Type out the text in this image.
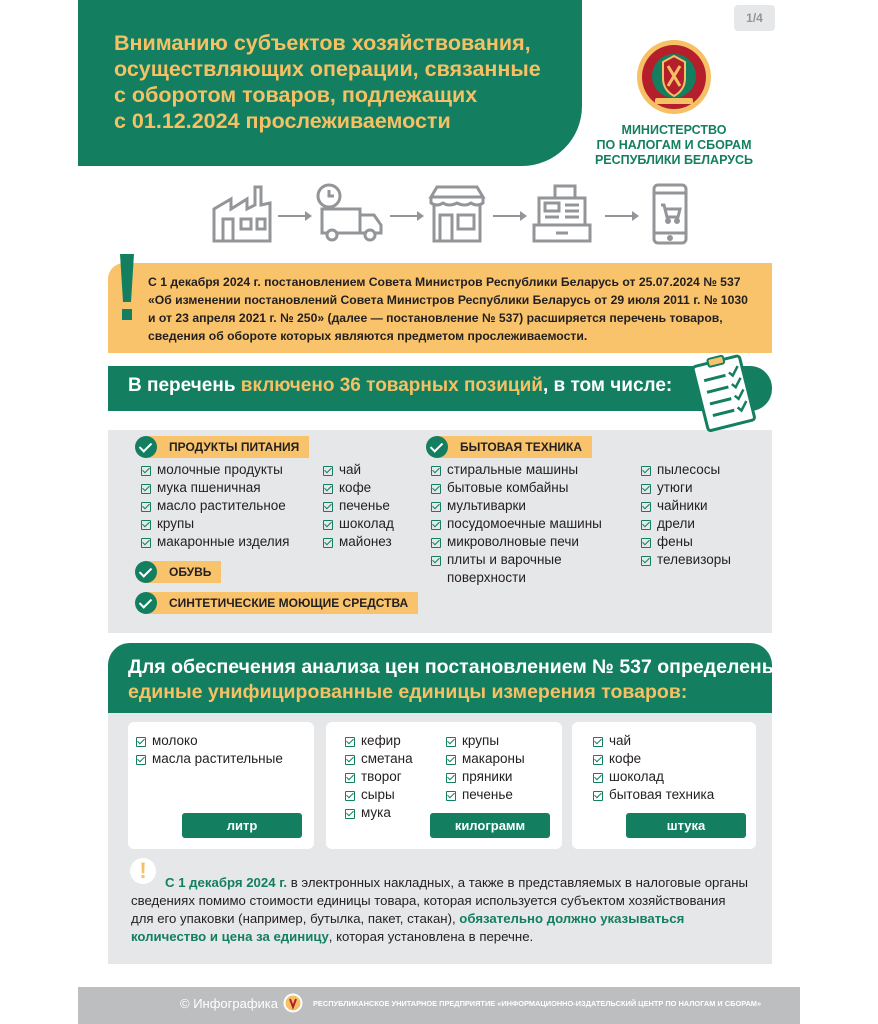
Вниманию субъектов хозяйствования,
осуществляющих операции, связанные
с оборотом товаров, подлежащих
с 01.12.2024 прослеживаемости
1/4
МИНИСТЕРСТВО
ПО НАЛОГАМ И СБОРАМ
РЕСПУБЛИКИ БЕЛАРУСЬ
С 1 декабря 2024 г. постановлением Совета Министров Республики Беларусь от 25.07.2024 № 537 «Об изменении постановлений Совета Министров Республики Беларусь от 29 июля 2011 г. № 1030 и от 23 апреля 2021 г. № 250» (далее — постановление № 537) расширяется перечень товаров, сведения об обороте которых являются предметом прослеживаемости.
В перечень включено 36 товарных позиций, в том числе:
ПРОДУКТЫ ПИТАНИЯ
молочные продукты
мука пшеничная
масло растительное
крупы
макаронные изделия
чай
кофе
печенье
шоколад
майонез
ОБУВЬ
СИНТЕТИЧЕСКИЕ МОЮЩИЕ СРЕДСТВА
БЫТОВАЯ ТЕХНИКА
стиральные машины
бытовые комбайны
мультиварки
посудомоечные машины
микроволновые печи
плиты и варочные поверхности
пылесосы
утюги
чайники
дрели
фены
телевизоры
Для обеспечения анализа цен постановлением № 537 определены
единые унифицированные единицы измерения товаров:
молоко
масла растительные
литр
кефир
сметана
творог
сыры
мука
крупы
макароны
пряники
печенье
килограмм
чай
кофе
шоколад
бытовая техника
штука
!	С 1 декабря 2024 г. в электронных накладных, а также в представляемых в налоговые органы сведениях помимо стоимости единицы товара, которая используется субъектом хозяйствования для его упаковки (например, бутылка, пакет, стакан), обязательно должно указываться количество и цена за единицу, которая установлена в перечне.
© Инфографика	РЕСПУБЛИКАНСКОЕ УНИТАРНОЕ ПРЕДПРИЯТИЕ «ИНФОРМАЦИОННО-ИЗДАТЕЛЬСКИЙ ЦЕНТР ПО НАЛОГАМ И СБОРАМ»
